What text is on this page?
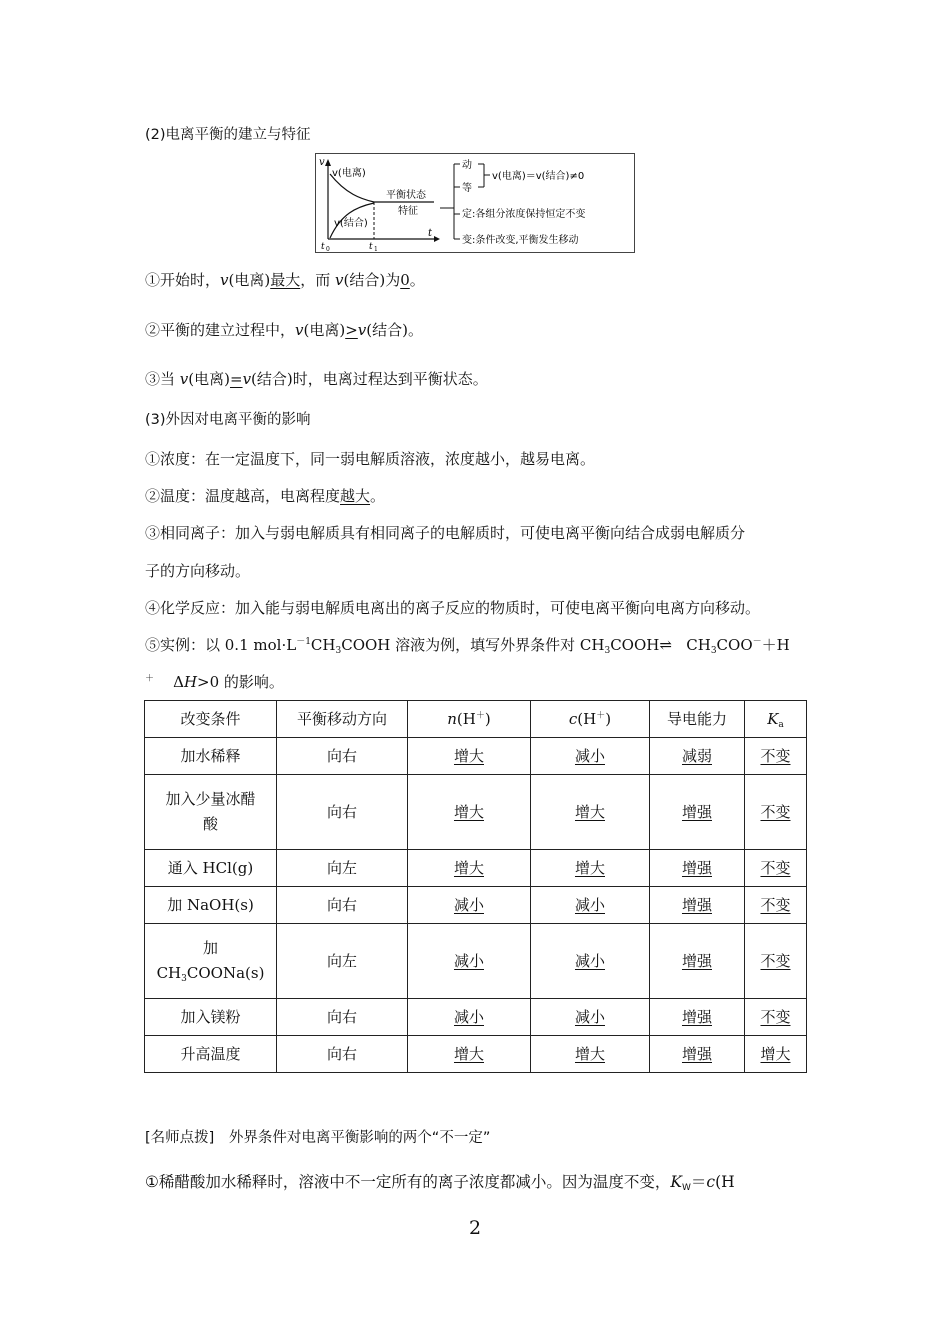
(2)电离平衡的建立与特征
v
t
t 0	t 1
v(电离)
v(结合)
平衡状态
特征
动
等
v(电离)＝v(结合)≠0
定:各组分浓度保持恒定不变
变:条件改变,平衡发生移动
①开始时，v(电离)最大，而 v(结合)为0。
②平衡的建立过程中，v(电离)>v(结合)。
③当 v(电离)=v(结合)时，电离过程达到平衡状态。
(3)外因对电离平衡的影响
①浓度：在一定温度下，同一弱电解质溶液，浓度越小，越易电离。
②温度：温度越高，电离程度越大。
③相同离子：加入与弱电解质具有相同离子的电解质时，可使电离平衡向结合成弱电解质分
子的方向移动。
④化学反应：加入能与弱电解质电离出的离子反应的物质时，可使电离平衡向电离方向移动。
⑤实例：以 0.1 $mol\cdot L^{-1}CH_3COOH$ 溶液为例，填写外界条件对 $CH_3COOH\rightleftharpoons$ $CH_3COO^-+H$
＋ ΔH>0 的影响。
改变条件	平衡移动方向	n(H＋)	c(H＋)	导电能力	$K_a$
加水稀释	向右	增大	减小	减弱	不变
加入少量冰醋
酸	向右	增大	增大	增强	不变
通入 HCl(g)	向左	增大	增大	增强	不变
加 NaOH(s)	向右	减小	减小	增强	不变
加
$CH_3COONa(s)$	向左	减小	减小	增强	不变
加入镁粉	向右	减小	减小	增强	不变
升高温度	向右	增大	增大	增强	增大
[名师点拨]　外界条件对电离平衡影响的两个“不一定”
①稀醋酸加水稀释时，溶液中不一定所有的离子浓度都减小。因为温度不变，$K_W=c(H$
2
